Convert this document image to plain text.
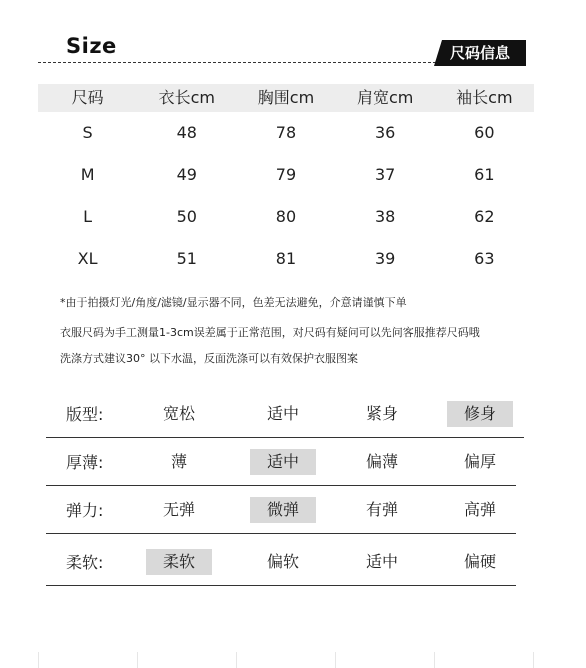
Size	尺码信息
尺码	衣长cm	胸围cm	肩宽cm	袖长cm
S	48	78	36	60
M	49	79	37	61
L	50	80	38	62
XL	51	81	39	63
*由于拍摄灯光/角度/滤镜/显示器不同，色差无法避免，介意请谨慎下单
衣服尺码为手工测量1-3cm误差属于正常范围，对尺码有疑问可以先问客服推荐尺码哦
洗涤方式建议30° 以下水温，反面洗涤可以有效保护衣服图案
版型:	宽松	适中	紧身	修身
厚薄:	薄	适中	偏薄	偏厚
弹力:	无弹	微弹	有弹	高弹
柔软:	柔软	偏软	适中	偏硬
